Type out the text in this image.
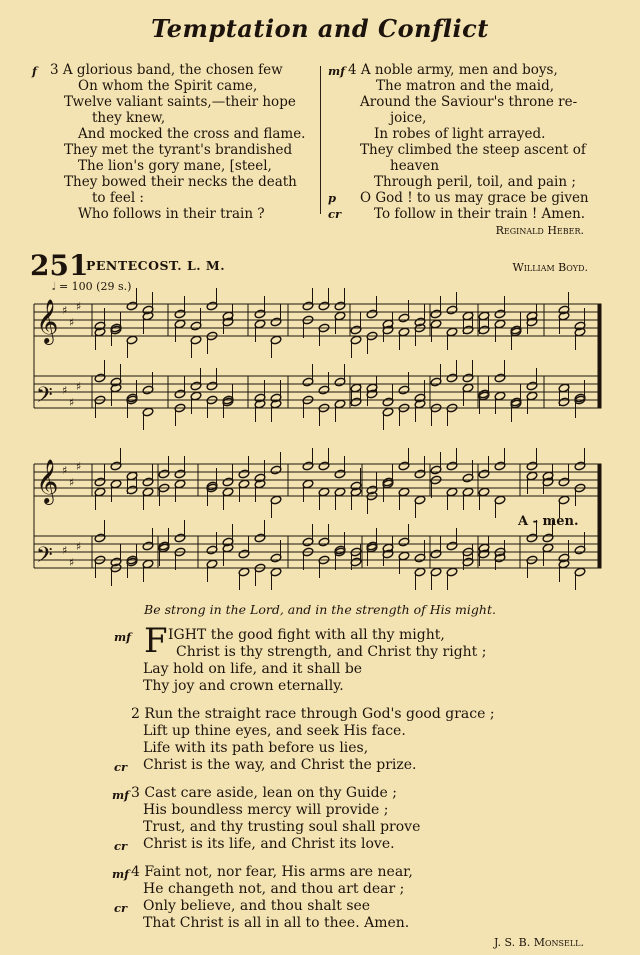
Temptation and Conflict
f 3 A glorious band, the chosen few
On whom the Spirit came,
Twelve valiant saints,—their hope
they knew,
And mocked the cross and flame.
They met the tyrant's brandished
The lion's gory mane, [steel,
They bowed their necks the death
to feel :
Who follows in their train ?
mf 4 A noble army, men and boys,
The matron and the maid,
Around the Saviour's throne re-
joice,
In robes of light arrayed.
They climbed the steep ascent of
heaven
Through peril, toil, and pain ;
p O God ! to us may grace be given
cr To follow in their train ! Amen.
Reginald Heber.
251
PENTECOST. L. M.	William Boyd.
𝅗𝅥 = 100 (29 s.)
𝄞 ♯
♯
♯
𝄢 ♯
♯
♯
𝄞 ♯
♯
♯
𝄢 ♯
♯
♯
A - men.
Be strong in the Lord, and in the strength of His might.
F
mf	IGHT the good fight with all thy might,
Christ is thy strength, and Christ thy right ;
Lay hold on life, and it shall be
Thy joy and crown eternally.
2 Run the straight race through God's good grace ;
Lift up thine eyes, and seek His face.
Life with its path before us lies,
cr Christ is the way, and Christ the prize.
mf 3 Cast care aside, lean on thy Guide ;
His boundless mercy will provide ;
Trust, and thy trusting soul shall prove
cr Christ is its life, and Christ its love.
mf 4 Faint not, nor fear, His arms are near,
He changeth not, and thou art dear ;
cr Only believe, and thou shalt see
That Christ is all in all to thee. Amen.
J. S. B. Monsell.
